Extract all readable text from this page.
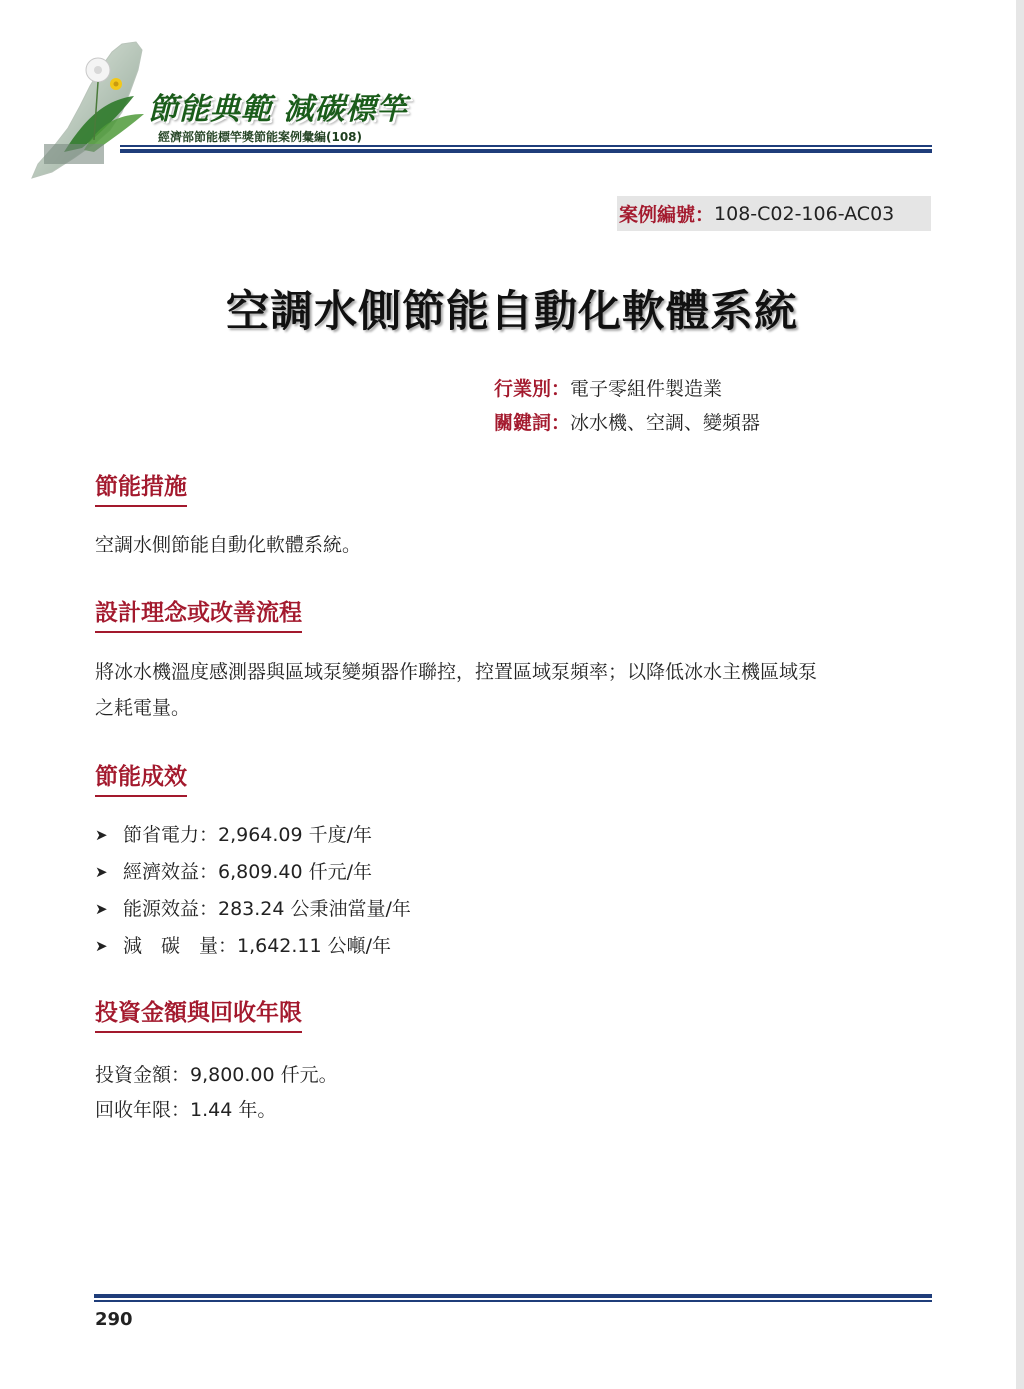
節能典範 減碳標竿
經濟部節能標竿獎節能案例彙編(108)
案例編號： 108-C02-106-AC03
空調水側節能自動化軟體系統
行業別：電子零組件製造業
關鍵詞：冰水機、空調、變頻器
節能措施

空調水側節能自動化軟體系統。

設計理念或改善流程

將冰水機溫度感測器與區域泵變頻器作聯控，控置區域泵頻率；以降低冰水主機區域泵

之耗電量。

節能成效
➤ 節省電力：2,964.09 千度/年
➤ 經濟效益：6,809.40 仟元/年
➤ 能源效益：283.24 公秉油當量/年
➤ 減　碳　量：1,642.11 公噸/年
投資金額與回收年限

投資金額：9,800.00 仟元。

回收年限：1.44 年。

290
